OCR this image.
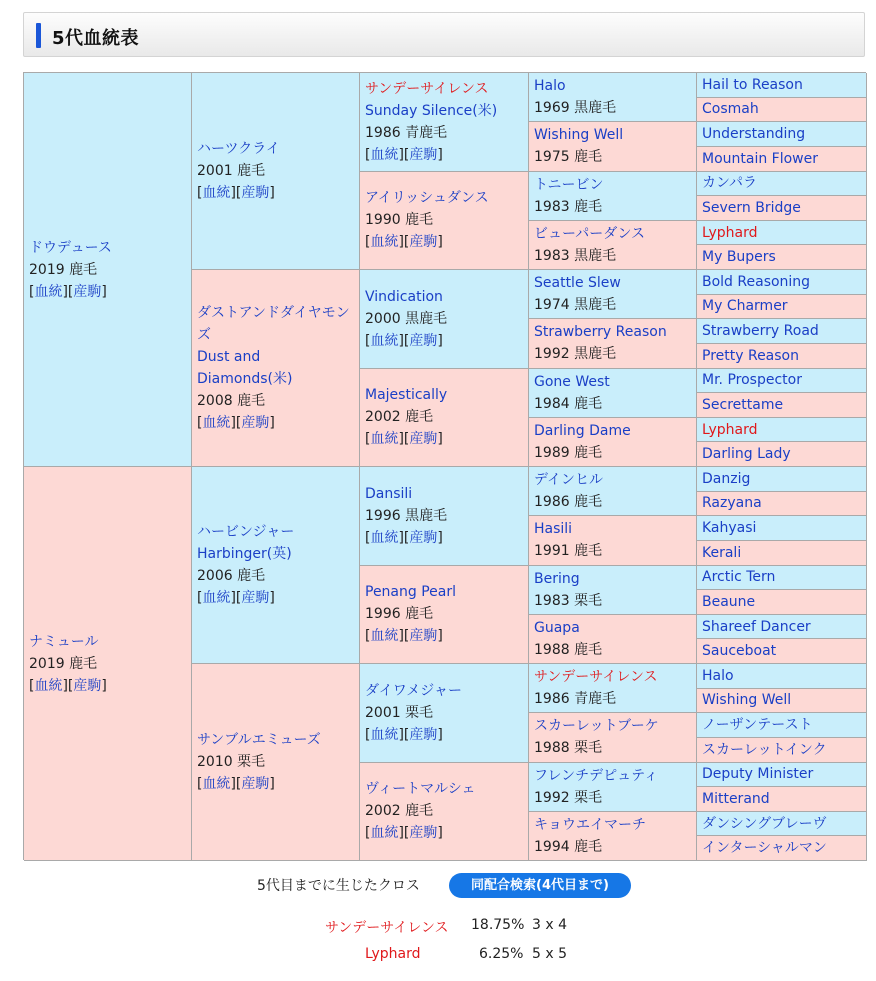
5代血統表
ドウデュース
2019 鹿毛
[血統][産駒]
ナミュール
2019 鹿毛
[血統][産駒]
ハーツクライ
2001 鹿毛
[血統][産駒]
ダストアンドダイヤモンズ
Dust and Diamonds(米)
2008 鹿毛
[血統][産駒]
ハービンジャー
Harbinger(英)
2006 鹿毛
[血統][産駒]
サンブルエミューズ
2010 栗毛
[血統][産駒]
サンデーサイレンス
Sunday Silence(米)
1986 青鹿毛
[血統][産駒]
アイリッシュダンス
1990 鹿毛
[血統][産駒]
Vindication
2000 黒鹿毛
[血統][産駒]
Majestically
2002 鹿毛
[血統][産駒]
Dansili
1996 黒鹿毛
[血統][産駒]
Penang Pearl
1996 鹿毛
[血統][産駒]
ダイワメジャー
2001 栗毛
[血統][産駒]
ヴィートマルシェ
2002 鹿毛
[血統][産駒]
Halo
1969 黒鹿毛
Wishing Well
1975 鹿毛
トニービン
1983 鹿毛
ビューパーダンス
1983 黒鹿毛
Seattle Slew
1974 黒鹿毛
Strawberry Reason
1992 黒鹿毛
Gone West
1984 鹿毛
Darling Dame
1989 鹿毛
デインヒル
1986 鹿毛
Hasili
1991 鹿毛
Bering
1983 栗毛
Guapa
1988 鹿毛
サンデーサイレンス
1986 青鹿毛
スカーレットブーケ
1988 栗毛
フレンチデピュティ
1992 栗毛
キョウエイマーチ
1994 鹿毛
Hail to Reason
Cosmah
Understanding
Mountain Flower
カンパラ
Severn Bridge
Lyphard
My Bupers
Bold Reasoning
My Charmer
Strawberry Road
Pretty Reason
Mr. Prospector
Secrettame
Lyphard
Darling Lady
Danzig
Razyana
Kahyasi
Kerali
Arctic Tern
Beaune
Shareef Dancer
Sauceboat
Halo
Wishing Well
ノーザンテースト
スカーレットインク
Deputy Minister
Mitterand
ダンシングブレーヴ
インターシャルマン
5代目までに生じたクロス	同配合検索(4代目まで)
サンデーサイレンス 18.75% 3 x 4
Lyphard	6.25% 5 x 5
